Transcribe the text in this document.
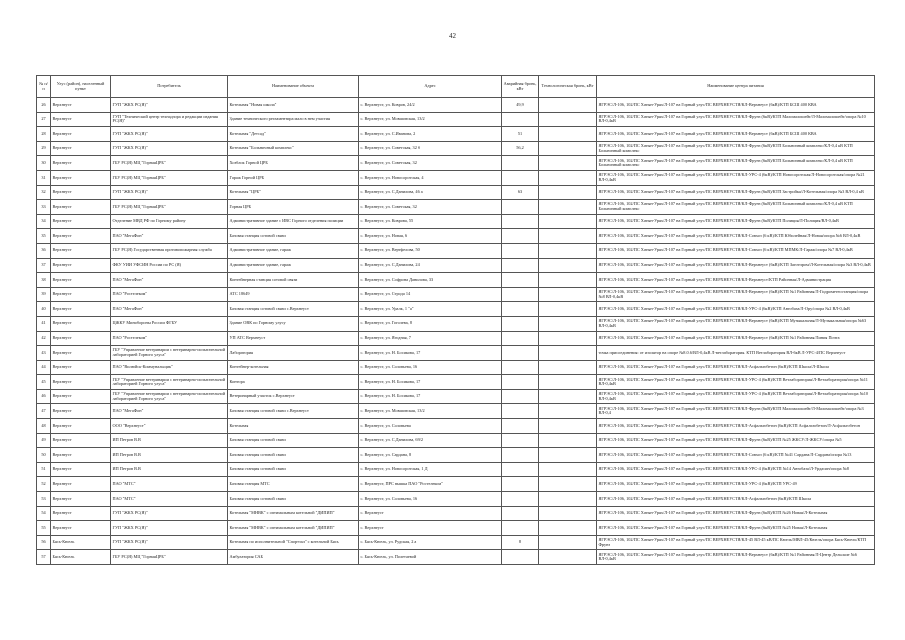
42
№ п/п	Улус (район), населенный пункт	Потребитель	Наименование объекта	Адрес	Аварийная бронь, кВт	Технологическая бронь, кВт	Наименование центра питания
26	Верхнеуст	ГУП "ЖКХ РС(Я)"	Котельная "Новая школа"	с. Верхнеуст, ул. Ковров, 24/2	49,9		ЯГРЭС/Л-106, 102/ПС Хатын-Урях/Л-107 на Горный улус/ПС ВЕРХНЕУСТЯ/КЛ-Верхнеуст (6кВ)/КТП БСШ 400 КВА
27	Верхнеуст	ГУП "Технический центр технадзора и редакции издания РС(Я)"	Здание технического регламентира мало в нем участия	с. Верхнеуст, ул. Мовшовская, 13/2			ЯГРЭС/Л-106, 102/ПС Хатын-Урях/Л-107 на Горный улус/ПС ВЕРХНЕУСТЯ/КЛ-Фрунз (6кВ)/КТП Маломалошейт/Л-Маломалошейт/опора №10 ВЛ-0,4кВ
28	Верхнеуст	ГУП "ЖКХ РС(Я)"	Котельная "Детсад"	с. Верхнеуст, ул. С.Иванова, 2	51		ЯГРЭС/Л-106, 102/ПС Хатын-Урях/Л-107 на Горный улус/ПС ВЕРХНЕУСТЯ/КЛ-Верхнеуст (6кВ)/КТП БСШ 400 КВА
29	Верхнеуст	ГУП "ЖКХ РС(Я)"	Котельная "Больничный комплекс"	с. Верхнеуст, ул. Советская, 32 б	56,2		ЯГРЭС/Л-106, 102/ПС Хатын-Урях/Л-107 на Горный улус/ПС ВЕРХНЕУСТЯ/КЛ-Фрунз (6кВ)/КТП Больничный комплекс/КЛ-0,4 кВ КТП Больничный комплекс
30	Верхнеуст	ГБУ РС(Я) МЦ "ГорнаяЦРБ"	Хозблок Горной ЦРБ	с. Верхнеуст, ул. Советская, 32			ЯГРЭС/Л-106, 102/ПС Хатын-Урях/Л-107 на Горный улус/ПС ВЕРХНЕУСТЯ/КЛ-Фрунз (6кВ)/КТП Больничный комплекс/КЛ-0,4 кВ КТП Больничный комплекс
31	Верхнеуст	ГБУ РС(Я) МЦ "ГорнаяЦРБ"	Гараж Горной ЦРБ	с. Верхнеуст, ул. Новосоротская, 4			ЯГРЭС/Л-106, 102/ПС Хатын-Урях/Л-107 на Горный улус/ПС ВЕРХНЕУСТЯ/КЛ-УРС-4 (6кВ)/КТП Новосоротская/Л-Новосоротская/опора №21 ВЛ-0,4кВ
32	Верхнеуст	ГУП "ЖКХ РС(Я)"	Котельная "ЦРБ"	с. Верхнеуст, ул. С.Данилова, 46 а	63		ЯГРЭС/Л-106, 102/ПС Хатын-Урях/Л-107 на Горный улус/ПС ВЕРХНЕУСТЯ/КЛ-Фрунз (6кВ)/КТП Застройка/Л-Котельная/опора №3 ВЛ-0,4 кВ
33	Верхнеуст	ГБУ РС(Я) МЦ "ГорнаяЦРБ"	Горная ЦРБ	с. Верхнеуст, ул. Советская, 32			ЯГРЭС/Л-106, 102/ПС Хатын-Урях/Л-107 на Горный улус/ПС ВЕРХНЕУСТЯ/КЛ-Фрунз (6кВ)/КТП Больничный комплекс/КЛ-0,4 кВ КТП Больничный комплекс
34	Верхнеуст	Отделение МВД РФ по Горному району	Административное здание с ИВС Горного отделения полиции	с. Верхнеуст, ул. Коврова, 55			ЯГРЭС/Л-106, 102/ПС Хатын-Урях/Л-107 на Горный улус/ПС ВЕРХНЕУСТЯ/КЛ-Фрунз (6кВ)/КТП Полиция/Л-Полиция/ВЛ-0,4кВ
35	Верхнеуст	ПАО "МегаФон"	Базовая станция сотовой связи	с. Верхнеуст, ул. Новая, 6			ЯГРЭС/Л-106, 102/ПС Хатын-Урях/Л-107 на Горный улус/ПС ВЕРХНЕУСТЯ/КЛ-Совхоз (6 кВ)/КТП Юбилейная/Л-Новая/опора №6 ВЛ-0,4кВ
36	Верхнеуст	ГБУ РС(Я) Государственная противопожарная служба	Административное здание, гараж	с. Верхнеуст, ул. Вертфелова, 50			ЯГРЭС/Л-106, 102/ПС Хатын-Урях/Л-107 на Горный улус/ПС ВЕРХНЕУСТЯ/КЛ-Совхоз (6 кВ)/КТП МПМК/Л-Гараж/опора №7 ВЛ-0,4кВ
37	Верхнеуст	ФКУ УИИ УФСИН России по РС (Я)	Административное здание, гараж	с. Верхнеуст, ул. С.Данилова, 24			ЯГРЭС/Л-106, 102/ПС Хатын-Урях/Л-107 на Горный улус/ПС ВЕРХНЕУСТЯ/КЛ-Верхнеуст (6кВ)/КТП Заготпром/Л-Котельная/опора №3 ВЛ-0,4кВ
38	Верхнеуст	ПАО "МегаФон"	Контейнерная станция сотовой связи	с. Верхнеуст, ул. Софрона Данилова, 33			ЯГРЭС/Л-106, 102/ПС Хатын-Урях/Л-107 на Горный улус/ПС ВЕРХНЕУСТЯ/КЛ-Верхнеуст/КТП Районная/Л-Администрация
39	Верхнеуст	ПАО "Ростелеком"	АТС 18649	с. Верхнеуст, ул. Строда 14			ЯГРЭС/Л-106, 102/ПС Хатын-Урях/Л-107 на Горный улус/ПС ВЕРХНЕУСТЯ/КЛ-Верхнеуст (6кВ)/КТП №1 Районная/Л-Гидрометеостанция/опора №8 ВЛ-0,4кВ
40	Верхнеуст	ПАО "МегаФон"	Базовая станция сотовой связи с.Верхнеуст	с. Верхнеуст, ул. Уралк, 1 "а"			ЯГРЭС/Л-106, 102/ПС Хатын-Урях/Л-107 на Горный улус/ПС ВЕРХНЕУСТЯ/КЛ-УРС-4 (6кВ)/КТП Автобаза/Л-Ору/опора №2 ВЛ-0,4кВ
41	Верхнеуст	ЦЖКУ Минобороны России ФГБУ	Здание ОВК по Горному улусу	с. Верхнеуст, ул. Гоголева, 8			ЯГРЭС/Л-106, 102/ПС Хатын-Урях/Л-107 на Горный улус/ПС ВЕРХНЕУСТЯ/КЛ-Верхнеуст (6кВ)/КТП Музыкальная/Л-Музыкальная/опора №63 ВЛ-0,4кВ
42	Верхнеуст	ПАО "Ростелеком"	УП АТС Верхнеуст	с. Верхнеуст, ул. Ягодная, 7			ЯГРЭС/Л-106, 102/ПС Хатын-Урях/Л-107 на Горный улус/ПС ВЕРХНЕУСТЯ/КЛ-Верхнеуст (6кВ)/КТП №1 Районная/Линия Почта
43	Верхнеуст	ГБУ "Управление ветеринарии с ветеринарно-испытательной лабораторией Горного улуса"	Лаборатория	с. Верхнеуст, ул. Н. Босикова, 17			точка присоединения: от изолятор на опоре №8.0.6/ВЛ-0,4кВ Л-ветлаборатория. КТП Ветлаборатория ВЛ-6кВ Л-УРС-4/ПС Верхнеуст
44	Верхнеуст	ПАО "Вилюйск-Коммунальщик"	Контейнер-котельная	с. Верхнеуст, ул. Соловьева, 16			ЯГРЭС/Л-106, 102/ПС Хатын-Урях/Л-107 на Горный улус/ПС ВЕРХНЕУСТЯ/КЛ-Асфальтобетон (6кВ)/КТП Школа/Л-Школа
45	Верхнеуст	ГБУ "Управление ветеринарии с ветеринарно-испытательной лабораторией Горного улуса"	Контора	с. Верхнеуст, ул. Н. Босикова, 17			ЯГРЭС/Л-106, 102/ПС Хатын-Урях/Л-107 на Горный улус/ПС ВЕРХНЕУСТЯ/КЛ-УРС-4 (6кВ)/КТП Ветлаборатория/Л-Ветлаборатория/опора №11 ВЛ-0,4кВ
46	Верхнеуст	ГБУ "Управление ветеринарии с ветеринарно-испытательной лабораторией Горного улуса"	Ветеринарный участок с.Верхнеуст	с. Верхнеуст, ул. Н. Босикова, 17			ЯГРЭС/Л-106, 102/ПС Хатын-Урях/Л-107 на Горный улус/ПС ВЕРХНЕУСТЯ/КЛ-УРС-4 (6кВ)/КТП Ветлаборатория/Л-Ветлаборатория/опора №10 ВЛ-0,4кВ
47	Верхнеуст	ПАО "МегаФон"	Базовая станция сотовой связи с.Верхнеуст	с. Верхнеуст, ул. Мовшовская, 13/2			ЯГРЭС/Л-106, 102/ПС Хатын-Урях/Л-107 на Горный улус/ПС ВЕРХНЕУСТЯ/КЛ-Фрунз (6кВ)/КТП Маломалошейт/Л-Маломалошейт/опора №3 ВЛ-0,4
48	Верхнеуст	ООО "Верхнеуст"	Котельная	с. Верхнеуст, ул. Соловьева			ЯГРЭС/Л-106, 102/ПС Хатын-Урях/Л-107 на Горный улус/ПС ВЕРХНЕУСТЯ/КЛ-Асфальтобетон (6кВ)/КТП Асфальтобетон/Л-Асфальтобетон
49	Верхнеуст	ИП Петров В.В	Базовая станция сотовой связи	с. Верхнеуст, ул. С.Данилова, 69/2			ЯГРЭС/Л-106, 102/ПС Хатын-Урях/Л-107 на Горный улус/ПС ВЕРХНЕУСТЯ/КЛ-Фрунз (6кВ)/КТП №25 ЖКСУ/Л-ЖКСУ/опора №5
50	Верхнеуст	ИП Петров В.В	Базовая станция сотовой связи	с. Верхнеуст, ул. Сардана, 8			ЯГРЭС/Л-106, 102/ПС Хатын-Урях/Л-107 на Горный улус/ПС ВЕРХНЕУСТЯ/КЛ-Совхоз (6 кВ)/КТП №41 Сардана/Л-Сардана/опора №13
51	Верхнеуст	ИП Петров В.В	Базовая станция сотовой связи	с. Верхнеуст, ул. Новосоротская, 1 Д			ЯГРЭС/Л-106, 102/ПС Хатын-Урях/Л-107 на Горный улус/ПС ВЕРХНЕУСТЯ/КЛ-УРС-4 (6кВ)/КТП №14 Автобаза/Л-Урдасин/опора №8
52	Верхнеуст	ПАО "МТС"	Базовая станция МТС	с. Верхнеуст, ПРС вышка ПАО "Ростелеком"			ЯГРЭС/Л-106, 102/ПС Хатын-Урях/Л-107 на Горный улус/ПС ВЕРХНЕУСТЯ/КЛ-УРС-4 (6кВ)/КТП УРС-49
53	Верхнеуст	ПАО "МТС"	Базовая станция сотовой связи	с. Верхнеуст, ул. Соловьева, 16			ЯГРЭС/Л-106, 102/ПС Хатын-Урях/Л-107 на Горный улус/ПС ВЕРХНЕУСТЯ/КЛ-Асфальтобетон (6кВ)/КТП Школа
54	Верхнеуст	ГУП "ЖКХ РС(Я)"	Котельная "МНВК" с оптимальным котельной "ДИПИП"	с. Верхнеуст			ЯГРЭС/Л-106, 102/ПС Хатын-Урях/Л-107 на Горный улус/ПС ВЕРХНЕУСТЯ/КЛ-Фрунз (6кВ)/КТП №26 Новая/Л-Котельная
55	Верхнеуст	ГУП "ЖКХ РС(Я)"	Котельная "МНВК" с оптимальным котельной "ДИПИП"	с. Верхнеуст			ЯГРЭС/Л-106, 102/ПС Хатын-Урях/Л-107 на Горный улус/ПС ВЕРХНЕУСТЯ/КЛ-Фрунз (6кВ)/КТП №25 Новая/Л-Котельная
56	Бясь-Кюель	ГУП "ЖКХ РС(Я)"	Котельная по исполнительной "Спортзал" с котельной Бясь	с. Бясь-Кюель, ул. Рудская, 2 а	8		ЯГРЭС/Л-106, 102/ПС Хатын-Урях/Л-107 на Горный улус/ПС ВЕРХНЕУСТЯ/КЛ-45 ВЛ-45 кВ/ПС Кюель/МВЛ-45/Кюель/опора Бясь-Кюель/КТП Фрунз
57	Бясь-Кюель	ГБУ РС(Я) МЦ "ГорнаяЦРБ"	Амбулатория САБ	с. Бясь-Кюель, ул. Полетаевой			ЯГРЭС/Л-106, 102/ПС Хатын-Урях/Л-107 на Горный улус/ПС ВЕРХНЕУСТЯ/КЛ-Верхнеуст (6кВ)/КТП №1 Районная/Л-Центр Дельские №6 ВЛ-0,4кВ
